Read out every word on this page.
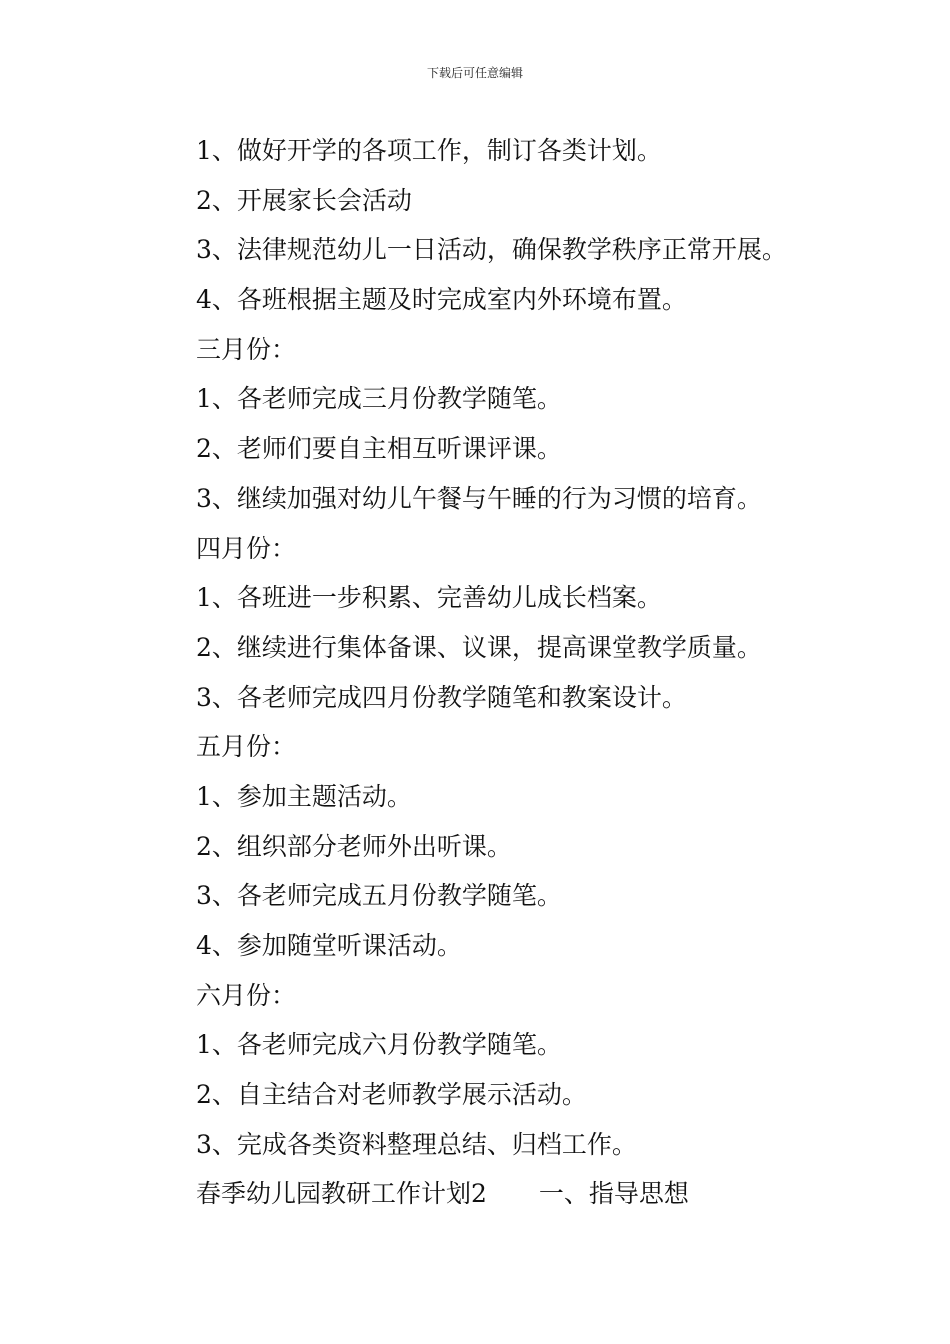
下载后可任意编辑
1、做好开学的各项工作，制订各类计划。
2、开展家长会活动
3、法律规范幼儿一日活动，确保教学秩序正常开展。
4、各班根据主题及时完成室内外环境布置。
三月份：
1、各老师完成三月份教学随笔。
2、老师们要自主相互听课评课。
3、继续加强对幼儿午餐与午睡的行为习惯的培育。
四月份：
1、各班进一步积累、完善幼儿成长档案。
2、继续进行集体备课、议课，提高课堂教学质量。
3、各老师完成四月份教学随笔和教案设计。
五月份：
1、参加主题活动。
2、组织部分老师外出听课。
3、各老师完成五月份教学随笔。
4、参加随堂听课活动。
六月份：
1、各老师完成六月份教学随笔。
2、自主结合对老师教学展示活动。
3、完成各类资料整理总结、归档工作。
春季幼儿园教研工作计划2 一、指导思想
